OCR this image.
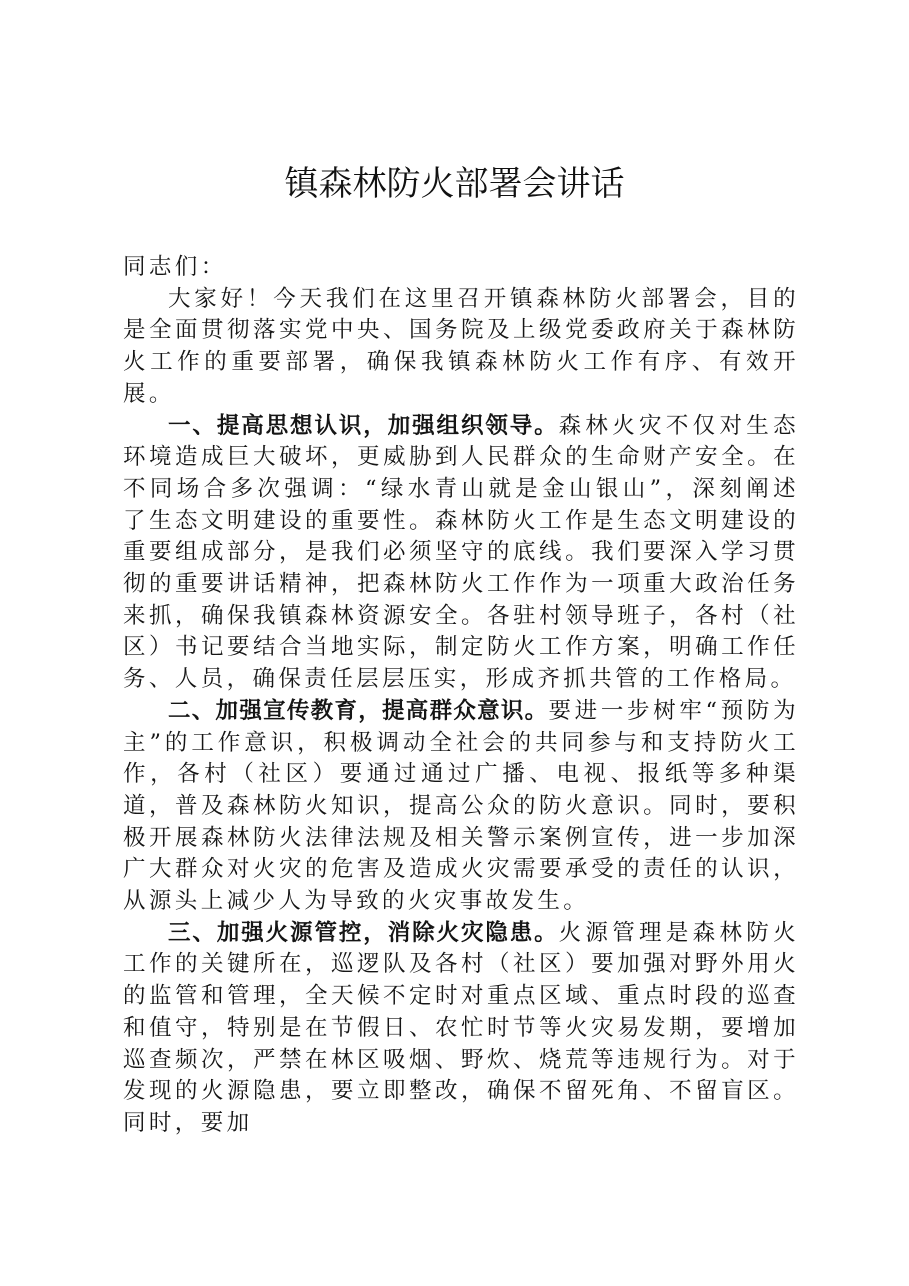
镇森林防火部署会讲话

同志们：

大家好！今天我们在这里召开镇森林防火部署会，目的是全面贯彻落实党中央、国务院及上级党委政府关于森林防火工作的重要部署，确保我镇森林防火工作有序、有效开展。

一、提高思想认识，加强组织领导。森林火灾不仅对生态环境造成巨大破坏，更威胁到人民群众的生命财产安全。在不同场合多次强调：“绿水青山就是金山银山”，深刻阐述了生态文明建设的重要性。森林防火工作是生态文明建设的重要组成部分，是我们必须坚守的底线。我们要深入学习贯彻的重要讲话精神，把森林防火工作作为一项重大政治任务来抓，确保我镇森林资源安全。各驻村领导班子，各村（社区）书记要结合当地实际，制定防火工作方案，明确工作任务、人员，确保责任层层压实，形成齐抓共管的工作格局。

二、加强宣传教育，提高群众意识。要进一步树牢“预防为主”的工作意识，积极调动全社会的共同参与和支持防火工作，各村（社区）要通过通过广播、电视、报纸等多种渠道，普及森林防火知识，提高公众的防火意识。同时，要积极开展森林防火法律法规及相关警示案例宣传，进一步加深广大群众对火灾的危害及造成火灾需要承受的责任的认识，从源头上减少人为导致的火灾事故发生。

三、加强火源管控，消除火灾隐患。火源管理是森林防火工作的关键所在，巡逻队及各村（社区）要加强对野外用火的监管和管理，全天候不定时对重点区域、重点时段的巡查和值守，特别是在节假日、农忙时节等火灾易发期，要增加巡查频次，严禁在林区吸烟、野炊、烧荒等违规行为。对于发现的火源隐患，要立即整改，确保不留死角、不留盲区。同时，要加
